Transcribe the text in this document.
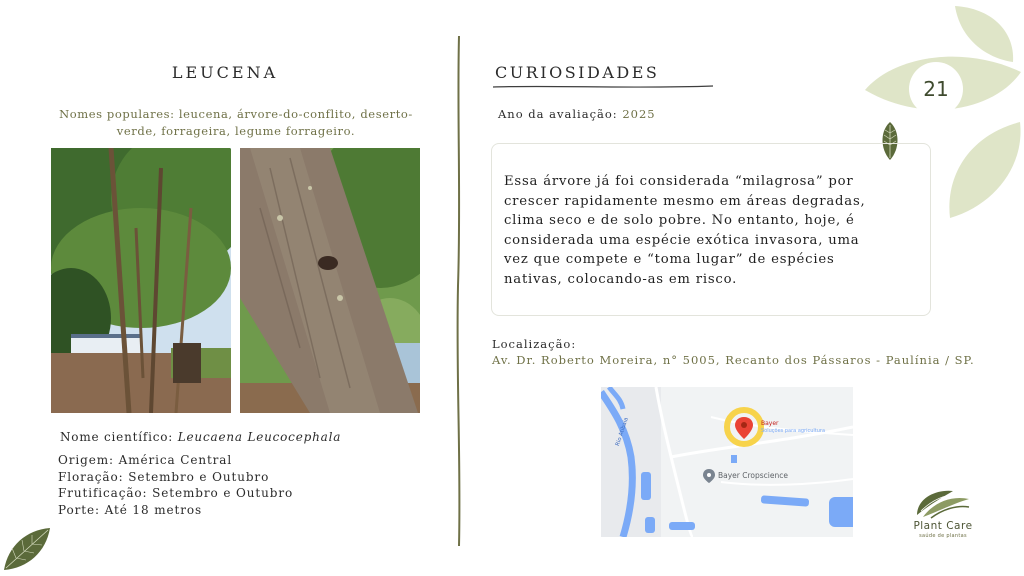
21
LEUCENA
Nomes populares: leucena, árvore-do-conflito, deserto-
verde, forrageira, legume forrageiro.
Nome científico: Leucaena Leucocephala
Origem: América Central
Floração: Setembro e Outubro
Frutificação: Setembro e Outubro
Porte: Até 18 metros
CURIOSIDADES
Ano da avaliação: 2025
Essa árvore já foi considerada “milagrosa” por
crescer rapidamente mesmo em áreas degradas,
clima seco e de solo pobre. No entanto, hoje, é
considerada uma espécie exótica invasora, uma
vez que compete e “toma lugar” de espécies
nativas, colocando-as em risco.
Localização:
Av. Dr. Roberto Moreira, n° 5005, Recanto dos Pássaros - Paulínia / SP.
Bayer
Soluções para agricultura
Bayer Cropscience
Rio Atibaia
Plant Care
saúde de plantas
